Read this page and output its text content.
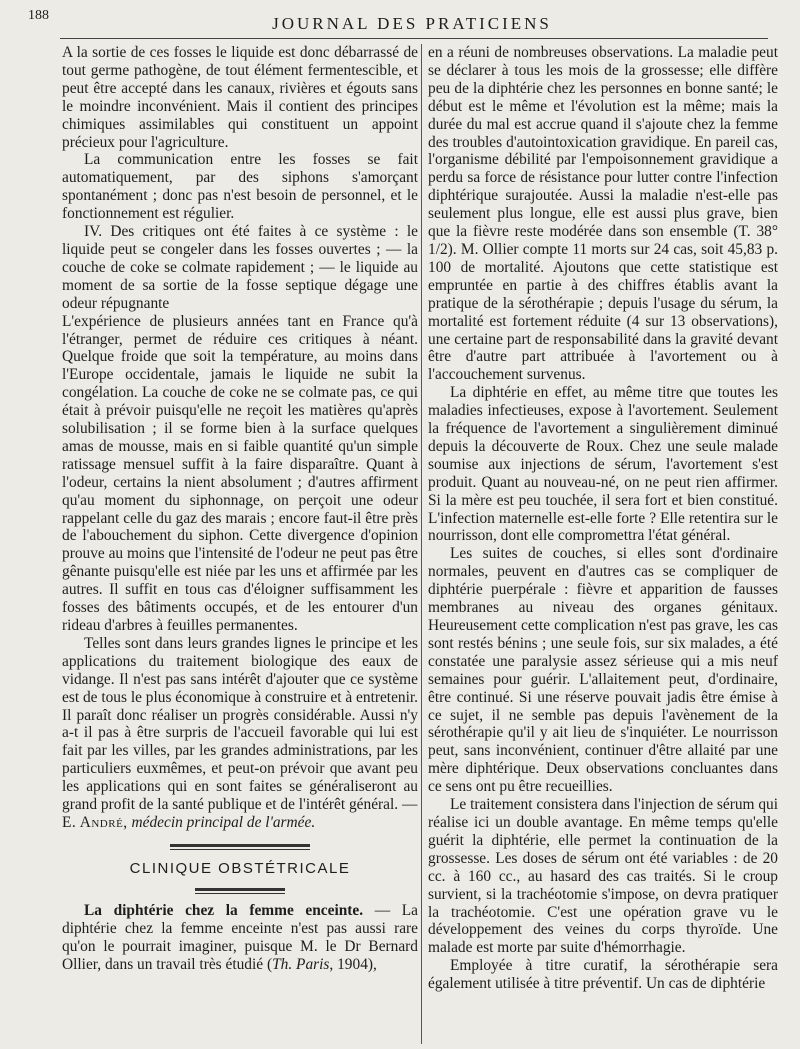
188	JOURNAL DES PRATICIENS

A la sortie de ces fosses le liquide est donc débarrassé de tout germe pathogène, de tout élément fermentescible, et peut être accepté dans les canaux, rivières et égouts sans le moindre inconvénient. Mais il contient des principes chimiques assimilables qui constituent un appoint précieux pour l'agriculture.

La communication entre les fosses se fait automatiquement, par des siphons s'amorçant spontanément ; donc pas n'est besoin de personnel, et le fonctionnement est régulier.

IV. Des critiques ont été faites à ce système : le liquide peut se congeler dans les fosses ouvertes ; — la couche de coke se colmate rapidement ; — le liquide au moment de sa sortie de la fosse septique dégage une odeur répugnante

L'expérience de plusieurs années tant en France qu'à l'étranger, permet de réduire ces critiques à néant. Quelque froide que soit la température, au moins dans l'Europe occidentale, jamais le liquide ne subit la congélation. La couche de coke ne se colmate pas, ce qui était à prévoir puisqu'elle ne reçoit les matières qu'après solubilisation ; il se forme bien à la surface quelques amas de mousse, mais en si faible quantité qu'un simple ratissage mensuel suffit à la faire disparaître. Quant à l'odeur, certains la nient absolument ; d'autres affirment qu'au moment du siphonnage, on perçoit une odeur rappelant celle du gaz des marais ; encore faut-il être près de l'abouchement du siphon. Cette divergence d'opinion prouve au moins que l'intensité de l'odeur ne peut pas être gênante puisqu'elle est niée par les uns et affirmée par les autres. Il suffit en tous cas d'éloigner suffisamment les fosses des bâtiments occupés, et de les entourer d'un rideau d'arbres à feuilles permanentes.

Telles sont dans leurs grandes lignes le principe et les applications du traitement biologique des eaux de vidange. Il n'est pas sans intérêt d'ajouter que ce système est de tous le plus économique à construire et à entretenir. Il paraît donc réaliser un progrès considérable. Aussi n'y a-t il pas à être surpris de l'accueil favorable qui lui est fait par les villes, par les grandes administrations, par les particuliers euxmêmes, et peut-on prévoir que avant peu les applications qui en sont faites se généraliseront au grand profit de la santé publique et de l'intérêt général. —

E. André, médecin principal de l'armée.

CLINIQUE OBSTÉTRICALE

La diphtérie chez la femme enceinte. — La diphtérie chez la femme enceinte n'est pas aussi rare qu'on le pourrait imaginer, puisque M. le Dr Bernard Ollier, dans un travail très étudié (Th. Paris, 1904),

en a réuni de nombreuses observations. La maladie peut se déclarer à tous les mois de la grossesse; elle diffère peu de la diphtérie chez les personnes en bonne santé; le début est le même et l'évolution est la même; mais la durée du mal est accrue quand il s'ajoute chez la femme des troubles d'autointoxication gravidique. En pareil cas, l'organisme débilité par l'empoisonnement gravidique a perdu sa force de résistance pour lutter contre l'infection diphtérique surajoutée. Aussi la maladie n'est-elle pas seulement plus longue, elle est aussi plus grave, bien que la fièvre reste modérée dans son ensemble (T. 38° 1/2). M. Ollier compte 11 morts sur 24 cas, soit 45,83 p. 100 de mortalité. Ajoutons que cette statistique est empruntée en partie à des chiffres établis avant la pratique de la sérothérapie ; depuis l'usage du sérum, la mortalité est fortement réduite (4 sur 13 observations), une certaine part de responsabilité dans la gravité devant être d'autre part attribuée à l'avortement ou à l'accouchement survenus.

La diphtérie en effet, au même titre que toutes les maladies infectieuses, expose à l'avortement. Seulement la fréquence de l'avortement a singulièrement diminué depuis la découverte de Roux. Chez une seule malade soumise aux injections de sérum, l'avortement s'est produit. Quant au nouveau-né, on ne peut rien affirmer. Si la mère est peu touchée, il sera fort et bien constitué. L'infection maternelle est-elle forte ? Elle retentira sur le nourrisson, dont elle compromettra l'état général.

Les suites de couches, si elles sont d'ordinaire normales, peuvent en d'autres cas se compliquer de diphtérie puerpérale : fièvre et apparition de fausses membranes au niveau des organes génitaux. Heureusement cette complication n'est pas grave, les cas sont restés bénins ; une seule fois, sur six malades, a été constatée une paralysie assez sérieuse qui a mis neuf semaines pour guérir. L'allaitement peut, d'ordinaire, être continué. Si une réserve pouvait jadis être émise à ce sujet, il ne semble pas depuis l'avènement de la sérothérapie qu'il y ait lieu de s'inquiéter. Le nourrisson peut, sans inconvénient, continuer d'être allaité par une mère diphtérique. Deux observations concluantes dans ce sens ont pu être recueillies.

Le traitement consistera dans l'injection de sérum qui réalise ici un double avantage. En même temps qu'elle guérit la diphtérie, elle permet la continuation de la grossesse. Les doses de sérum ont été variables : de 20 cc. à 160 cc., au hasard des cas traités. Si le croup survient, si la trachéotomie s'impose, on devra pratiquer la trachéotomie. C'est une opération grave vu le développement des veines du corps thyroïde. Une malade est morte par suite d'hémorrhagie.

Employée à titre curatif, la sérothérapie sera également utilisée à titre préventif. Un cas de diphtérie
